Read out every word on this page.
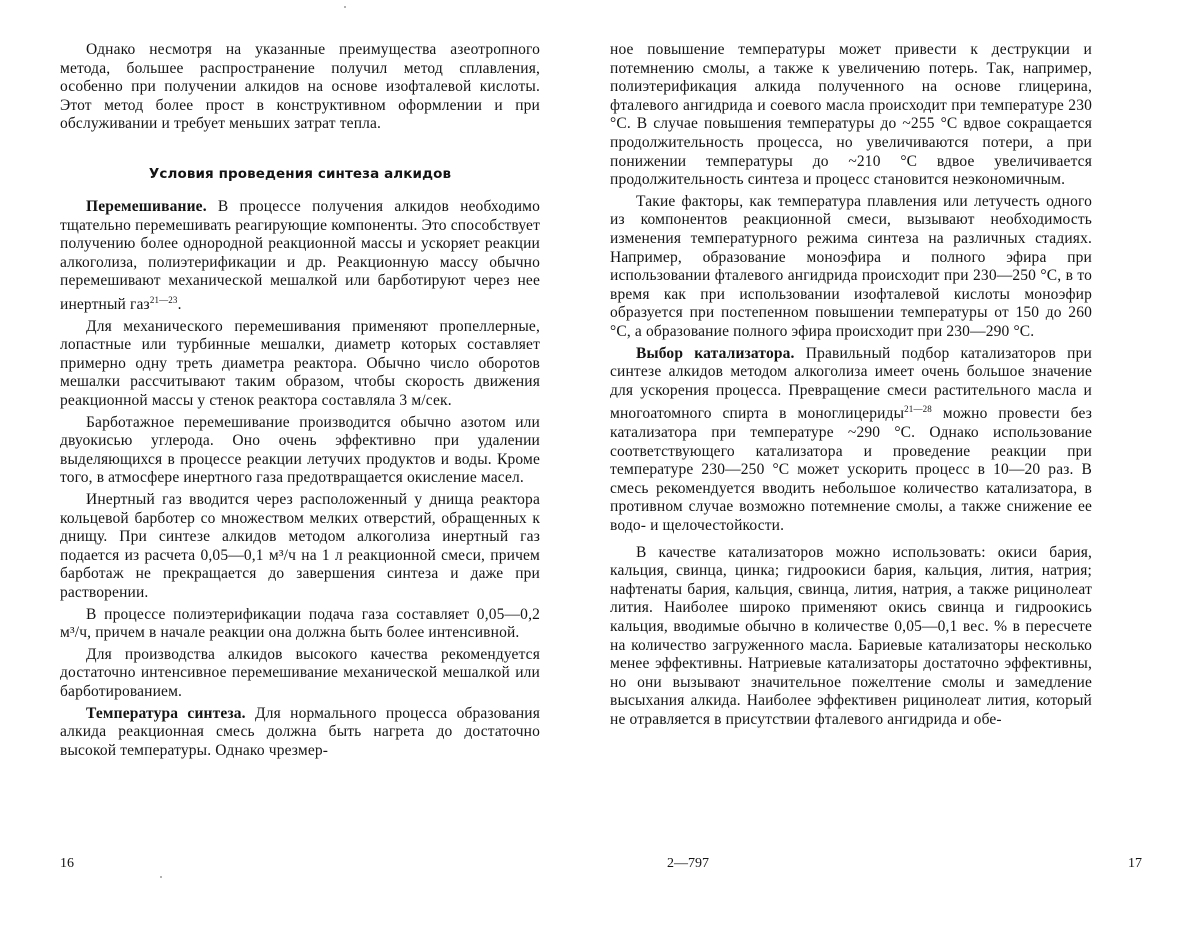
Однако несмотря на указанные преимущества азеотропного метода, большее распространение получил метод сплавления, особенно при получении алкидов на основе изофталевой кислоты. Этот метод более прост в конструктивном оформлении и при обслуживании и требует меньших затрат тепла.

Условия проведения синтеза алкидов

Перемешивание. В процессе получения алкидов необходимо тщательно перемешивать реагирующие компоненты. Это способствует получению более однородной реакционной массы и ускоряет реакции алкоголиза, полиэтерификации и др. Реакционную массу обычно перемешивают механической мешалкой или барботируют через нее инертный газ$^{21—23}$.

Для механического перемешивания применяют пропеллерные, лопастные или турбинные мешалки, диаметр которых составляет примерно одну треть диаметра реактора. Обычно число оборотов мешалки рассчитывают таким образом, чтобы скорость движения реакционной массы у стенок реактора составляла 3 м/сек.

Барботажное перемешивание производится обычно азотом или двуокисью углерода. Оно очень эффективно при удалении выделяющихся в процессе реакции летучих продуктов и воды. Кроме того, в атмосфере инертного газа предотвращается окисление масел.

Инертный газ вводится через расположенный у днища реактора кольцевой барботер со множеством мелких отверстий, обращенных к днищу. При синтезе алкидов методом алкоголиза инертный газ подается из расчета 0,05—0,1 м³/ч на 1 л реакционной смеси, причем барботаж не прекращается до завершения синтеза и даже при растворении.

В процессе полиэтерификации подача газа составляет 0,05—0,2 м³/ч, причем в начале реакции она должна быть более интенсивной.

Для производства алкидов высокого качества рекомендуется достаточно интенсивное перемешивание механической мешалкой или барботированием.

Температура синтеза. Для нормального процесса образования алкида реакционная смесь должна быть нагрета до достаточно высокой температуры. Однако чрезмер-

16

ное повышение температуры может привести к деструкции и потемнению смолы, а также к увеличению потерь. Так, например, полиэтерификация алкида полученного на основе глицерина, фталевого ангидрида и соевого масла происходит при температуре 230 °С. В случае повышения температуры до ~255 °С вдвое сокращается продолжительность процесса, но увеличиваются потери, а при понижении температуры до ~210 °С вдвое увеличивается продолжительность синтеза и процесс становится неэкономичным.

Такие факторы, как температура плавления или летучесть одного из компонентов реакционной смеси, вызывают необходимость изменения температурного режима синтеза на различных стадиях. Например, образование моноэфира и полного эфира при использовании фталевого ангидрида происходит при 230—250 °С, в то время как при использовании изофталевой кислоты моноэфир образуется при постепенном повышении температуры от 150 до 260 °С, а образование полного эфира происходит при 230—290 °С.

Выбор катализатора. Правильный подбор катализаторов при синтезе алкидов методом алкоголиза имеет очень большое значение для ускорения процесса. Превращение смеси растительного масла и многоатомного спирта в моноглицериды$^{21—28}$ можно провести без катализатора при температуре ~290 °С. Однако использование соответствующего катализатора и проведение реакции при температуре 230—250 °С может ускорить процесс в 10—20 раз. В смесь рекомендуется вводить небольшое количество катализатора, в противном случае возможно потемнение смолы, а также снижение ее водо- и щелочестойкости.

В качестве катализаторов можно использовать: окиси бария, кальция, свинца, цинка; гидроокиси бария, кальция, лития, натрия; нафтенаты бария, кальция, свинца, лития, натрия, а также рицинолеат лития. Наиболее широко применяют окись свинца и гидроокись кальция, вводимые обычно в количестве 0,05—0,1 вес. % в пересчете на количество загруженного масла. Бариевые катализаторы несколько менее эффективны. Натриевые катализаторы достаточно эффективны, но они вызывают значительное пожелтение смолы и замедление высыхания алкида. Наиболее эффективен рицинолеат лития, который не отравляется в присутствии фталевого ангидрида и обе-

2—797	17
